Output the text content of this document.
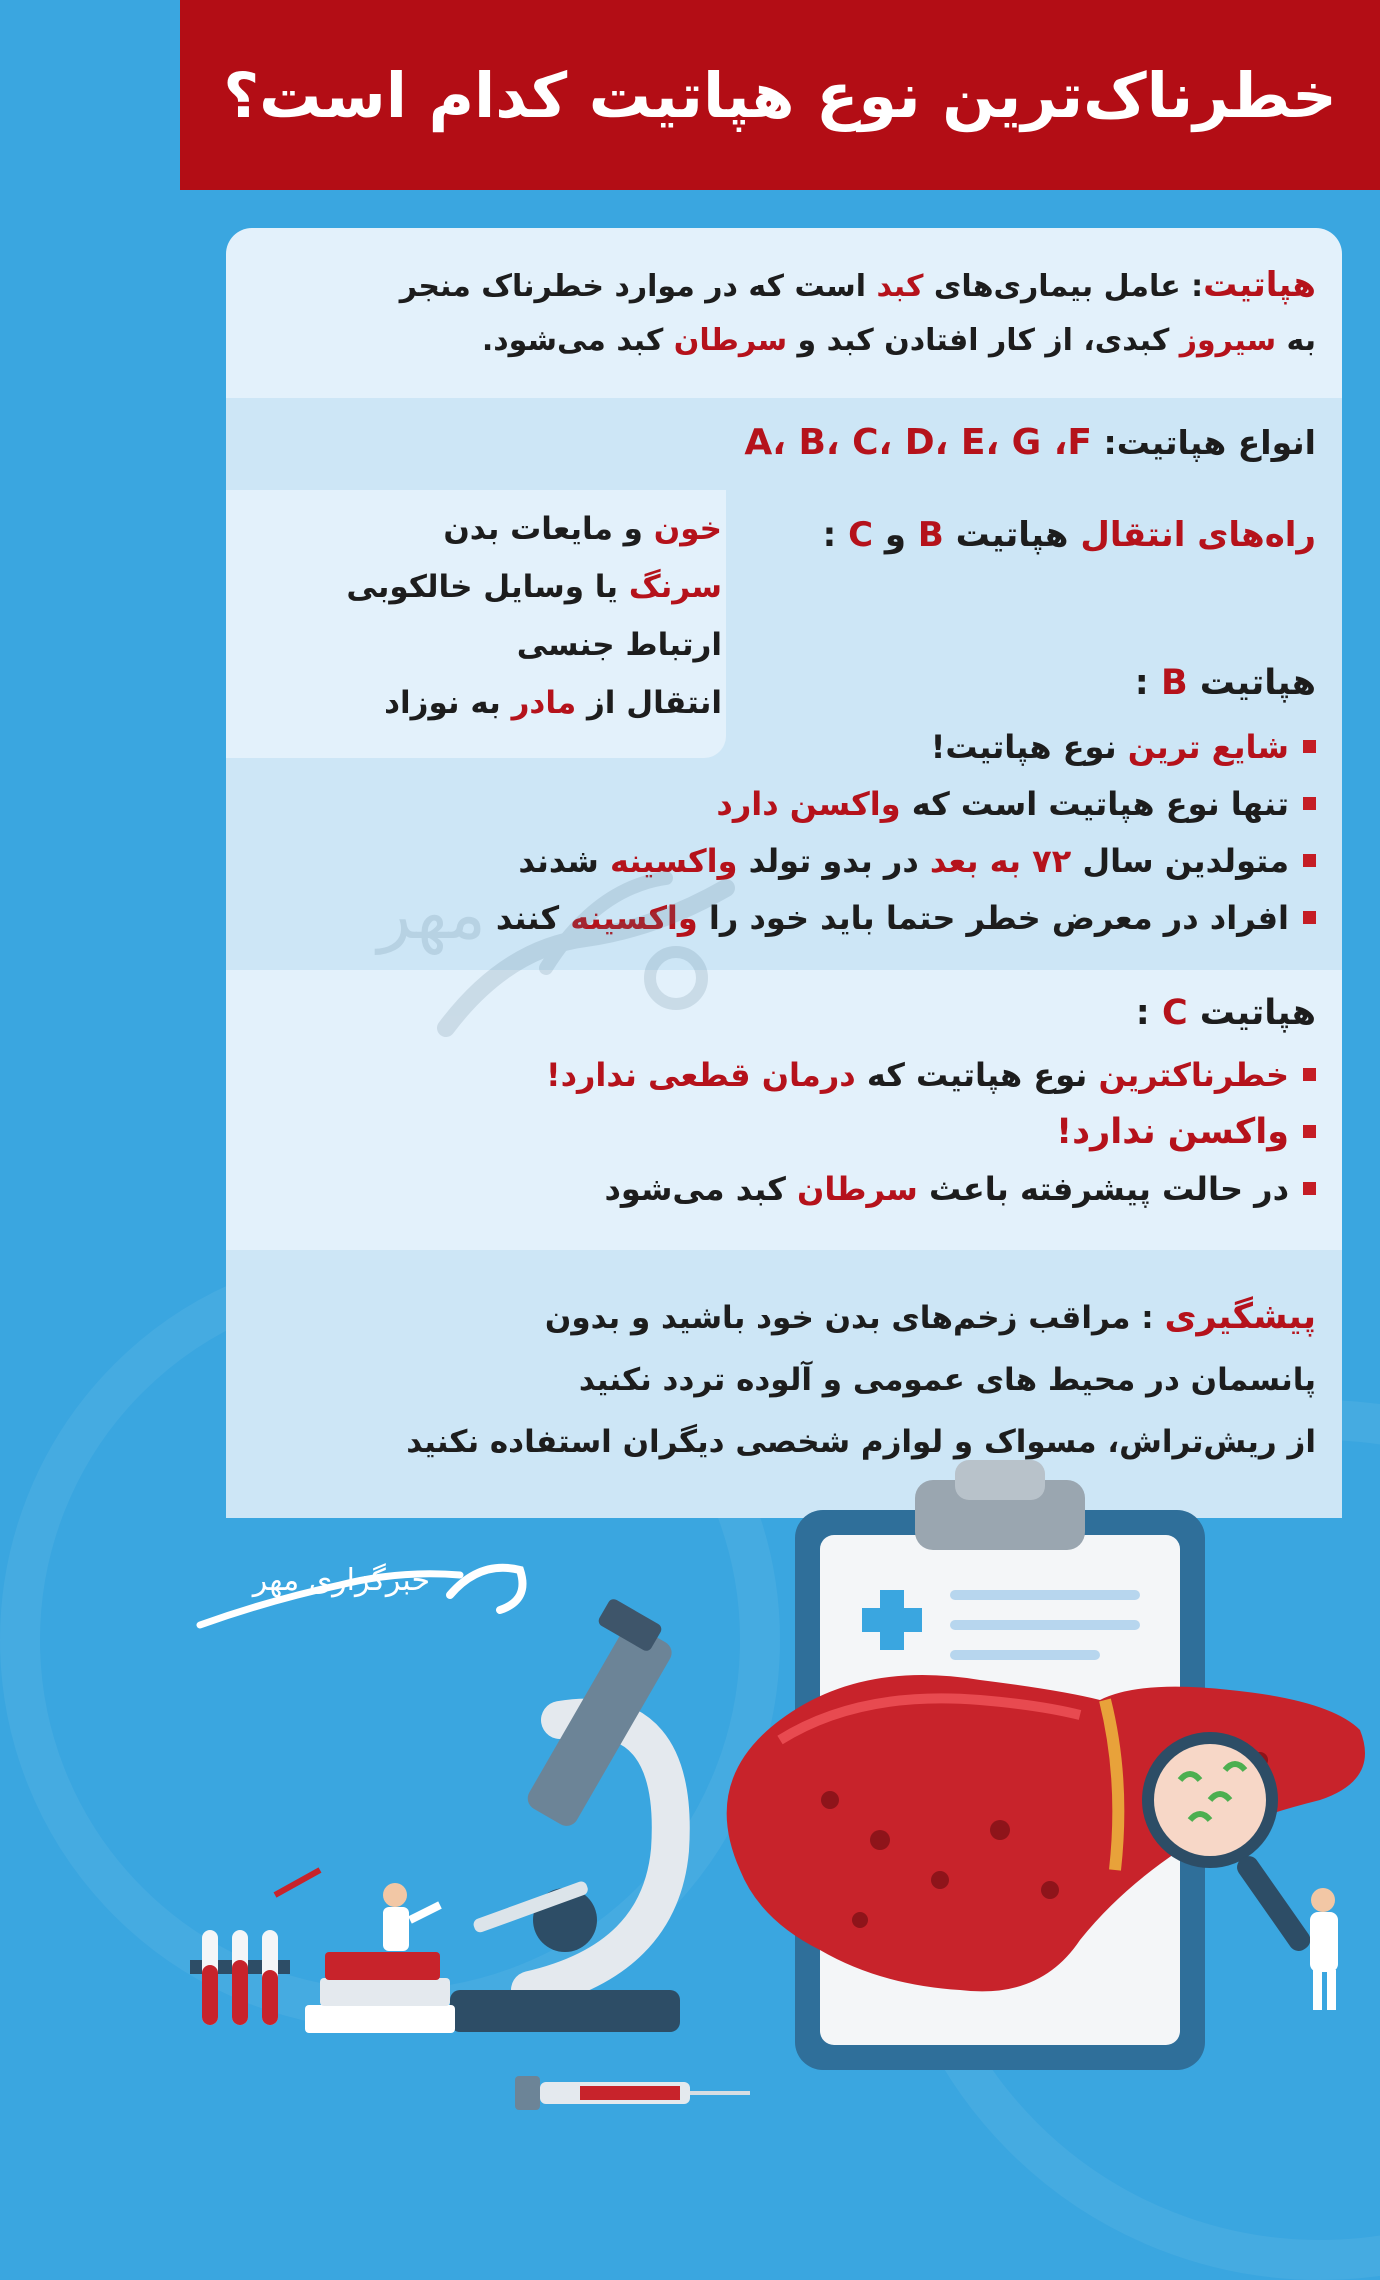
خطرناک‌ترین نوع هپاتیت کدام است؟
هپاتیت: عامل بیماری‌های کبد است که در موارد خطرناک منجر
به سیروز کبدی، از کار افتادن کبد و سرطان کبد می‌شود.
انواع هپاتیت: A، B، C، D، E، G ،F
راه‌های انتقال هپاتیت B و C :
خون و مایعات بدن
سرنگ یا وسایل خالکوبی
ارتباط جنسی
انتقال از مادر به نوزاد	هپاتیت B :
شایع ترین نوع هپاتیت!
تنها نوع هپاتیت است که واکسن دارد
متولدین سال ۷۲ به بعد در بدو تولد واکسینه شدند
افراد در معرض خطر حتما باید خود را واکسینه کنند
هپاتیت C :
خطرناکترین نوع هپاتیت که درمان قطعی ندارد!
واکسن ندارد!
در حالت پیشرفته باعث سرطان کبد می‌شود
پیشگیری : مراقب زخم‌های بدن خود باشید و بدون
پانسمان در محیط های عمومی و آلوده تردد نکنید
از ریش‌تراش، مسواک و لوازم شخصی دیگران استفاده نکنید
مهر
خبرگزاری مهر
